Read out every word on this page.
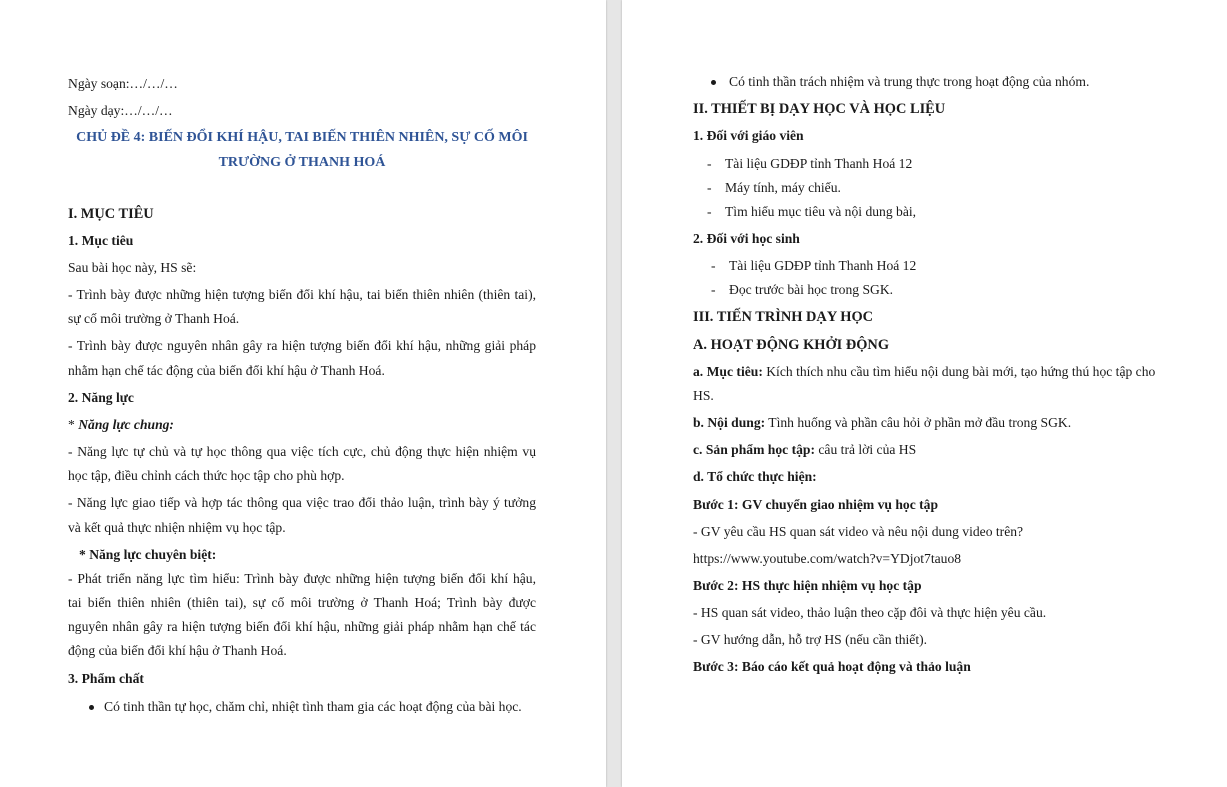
Ngày soạn:…/…/…

Ngày dạy:…/…/…

CHỦ ĐỀ 4: BIẾN ĐỔI KHÍ HẬU, TAI BIẾN THIÊN NHIÊN, SỰ CỐ MÔI

TRƯỜNG Ở THANH HOÁ

I. MỤC TIÊU

1. Mục tiêu

Sau bài học này, HS sẽ:

- Trình bày được những hiện tượng biến đổi khí hậu, tai biến thiên nhiên (thiên tai),

sự cố môi trường ở Thanh Hoá.

- Trình bày được nguyên nhân gây ra hiện tượng biến đổi khí hậu, những giải pháp

nhằm hạn chế tác động của biến đổi khí hậu ở Thanh Hoá.

2. Năng lực

* Năng lực chung:

- Năng lực tự chủ và tự học thông qua việc tích cực, chủ động thực hiện nhiệm vụ

học tập, điều chỉnh cách thức học tập cho phù hợp.

- Năng lực giao tiếp và hợp tác thông qua việc trao đổi thảo luận, trình bày ý tưởng

và kết quả thực nhiện nhiệm vụ học tập.

* Năng lực chuyên biệt:

- Phát triển năng lực tìm hiểu: Trình bày được những hiện tượng biến đổi khí hậu,

tai biến thiên nhiên (thiên tai), sự cố môi trường ở Thanh Hoá; Trình bày được

nguyên nhân gây ra hiện tượng biến đổi khí hậu, những giải pháp nhằm hạn chế tác

động của biến đổi khí hậu ở Thanh Hoá.

3. Phẩm chất

Có tinh thần tự học, chăm chỉ, nhiệt tình tham gia các hoạt động của bài học.

Có tinh thần trách nhiệm và trung thực trong hoạt động của nhóm.

II. THIẾT BỊ DẠY HỌC VÀ HỌC LIỆU

1. Đối với giáo viên

- Tài liệu GDĐP tỉnh Thanh Hoá 12

- Máy tính, máy chiếu.

- Tìm hiểu mục tiêu và nội dung bài,

2. Đối với học sinh

- Tài liệu GDĐP tỉnh Thanh Hoá 12

- Đọc trước bài học trong SGK.

III. TIẾN TRÌNH DẠY HỌC

A. HOẠT ĐỘNG KHỞI ĐỘNG

a. Mục tiêu: Kích thích nhu cầu tìm hiểu nội dung bài mới, tạo hứng thú học tập cho

HS.

b. Nội dung: Tình huống và phần câu hỏi ở phần mở đầu trong SGK.

c. Sản phẩm học tập: câu trả lời của HS

d. Tổ chức thực hiện:

Bước 1: GV chuyển giao nhiệm vụ học tập

- GV yêu cầu HS quan sát video và nêu nội dung video trên?

https://www.youtube.com/watch?v=YDjot7tauo8

Bước 2: HS thực hiện nhiệm vụ học tập

- HS quan sát video, thảo luận theo cặp đôi và thực hiện yêu cầu.

- GV hướng dẫn, hỗ trợ HS (nếu cần thiết).

Bước 3: Báo cáo kết quả hoạt động và thảo luận
